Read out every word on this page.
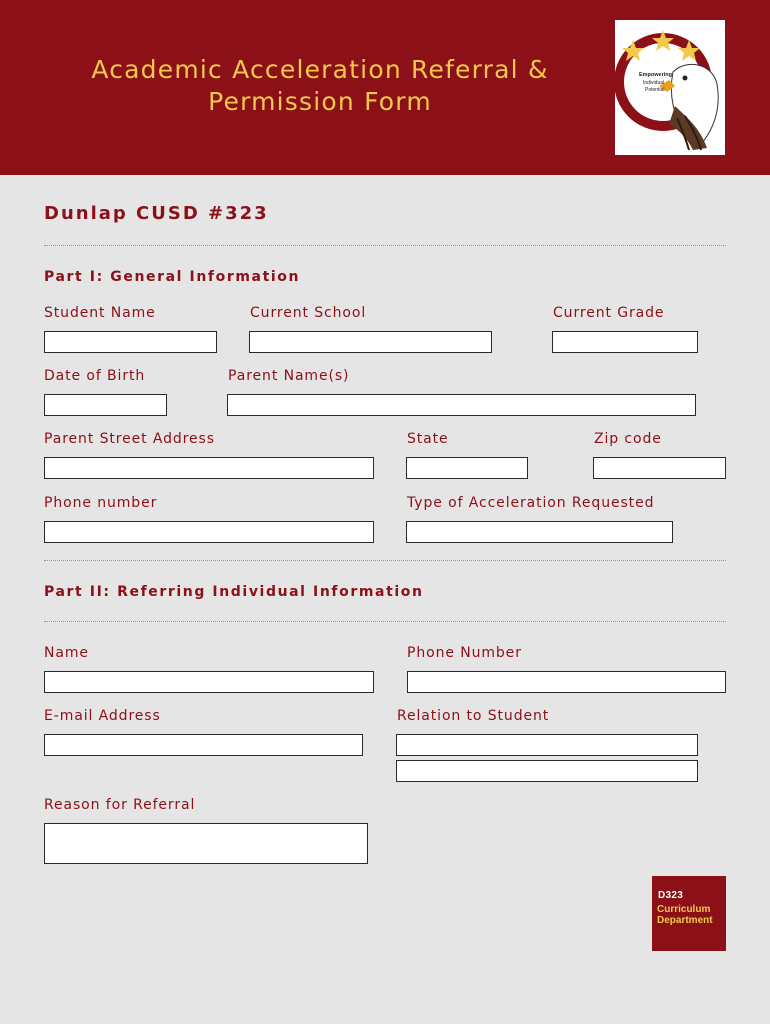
Academic Acceleration Referral &
Permission Form
Empowering
Individual
Potential
Dunlap CUSD #323
Part I: General Information
Student Name	Current School	Current Grade
Date of Birth	Parent Name(s)
Parent Street Address	State	Zip code
Phone number	Type of Acceleration Requested
Part II: Referring Individual Information
Name	Phone Number
E-mail Address	Relation to Student
Reason for Referral
D323
Curriculum
Department
